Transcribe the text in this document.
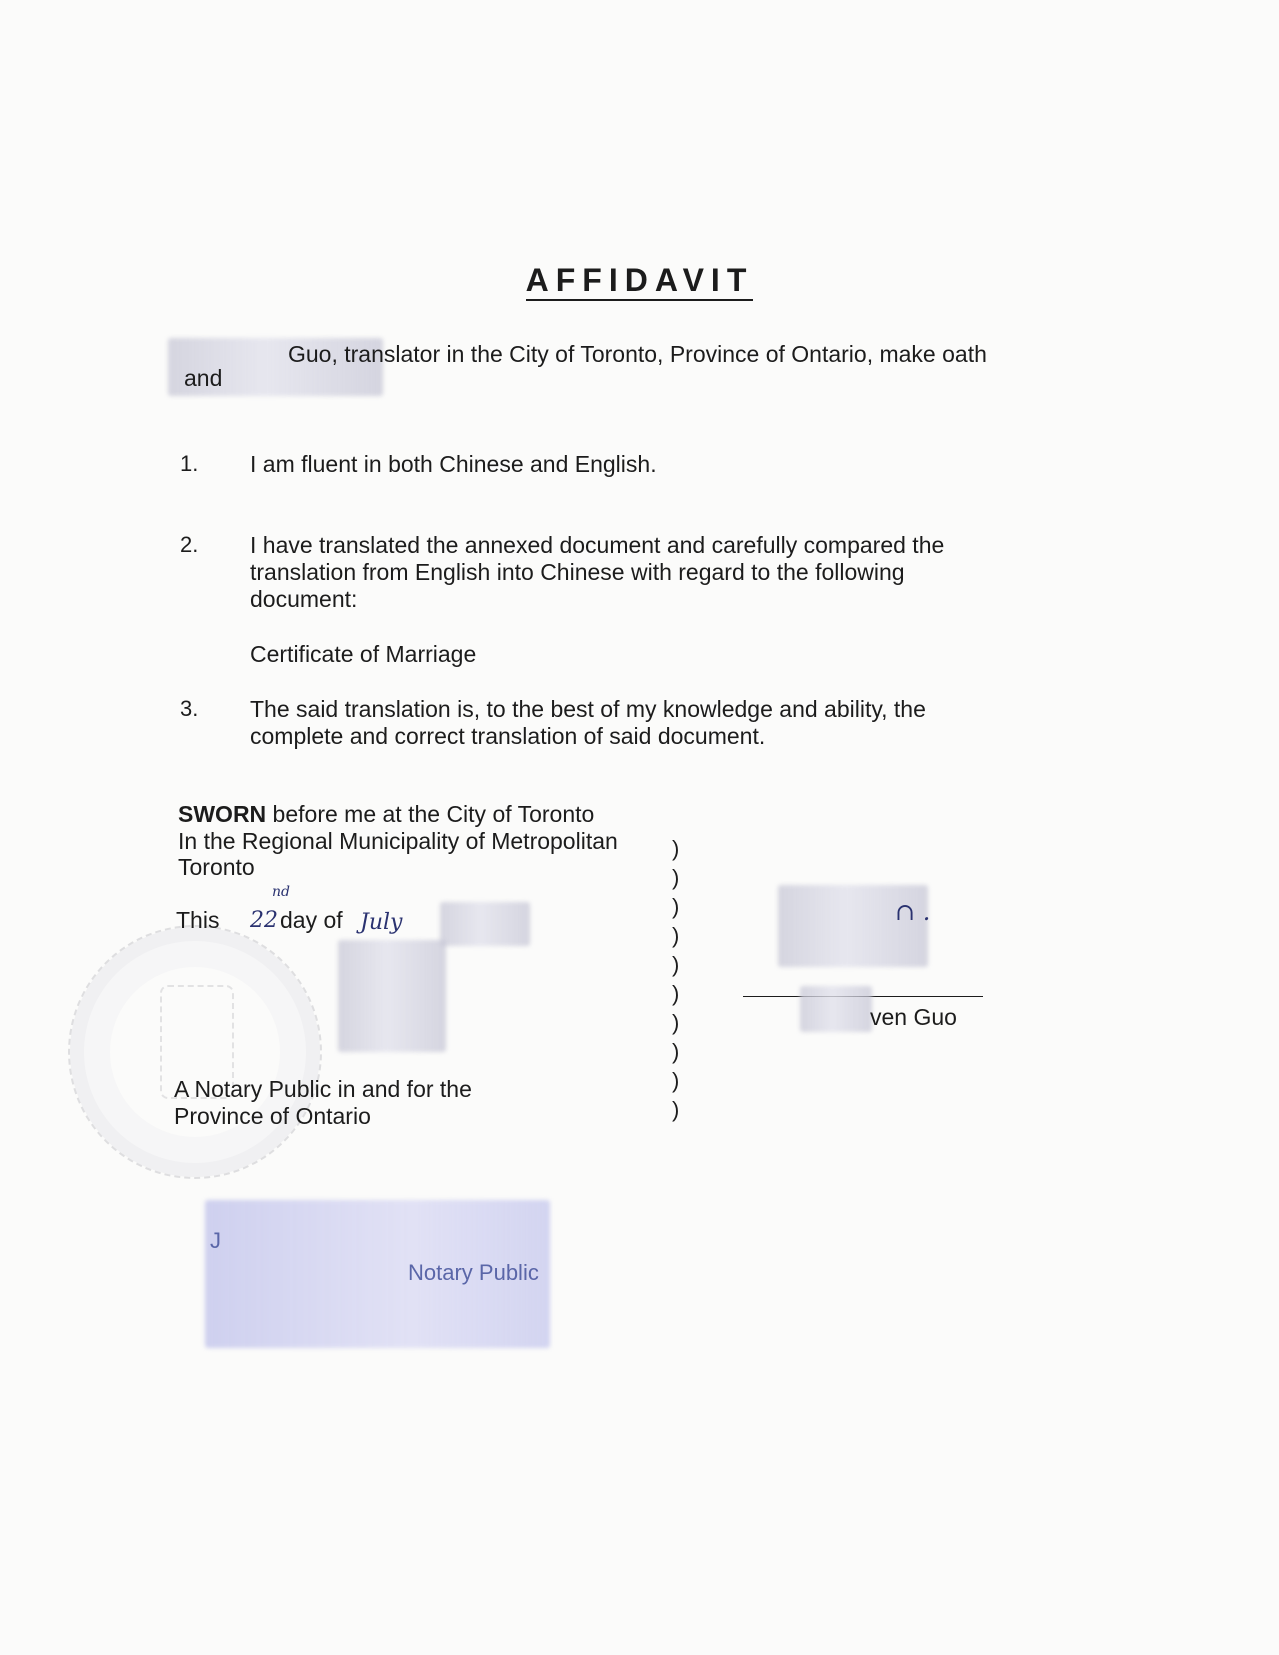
AFFIDAVIT
Guo, translator in the City of Toronto, Province of Ontario, make oath
and
1. I am fluent in both Chinese and English.
2. I have translated the annexed document and carefully compared the
translation from English into Chinese with regard to the following
document:
Certificate of Marriage
3. The said translation is, to the best of my knowledge and ability, the
complete and correct translation of said document.
SWORN before me at the City of Toronto
In the Regional Municipality of Metropolitan
Toronto
This 22
nd
day of July
A Notary Public in and for the
Province of Ontario
)
)
)
)
)
)
)
)
)
)
∩ .
ven Guo
J
Notary Public
